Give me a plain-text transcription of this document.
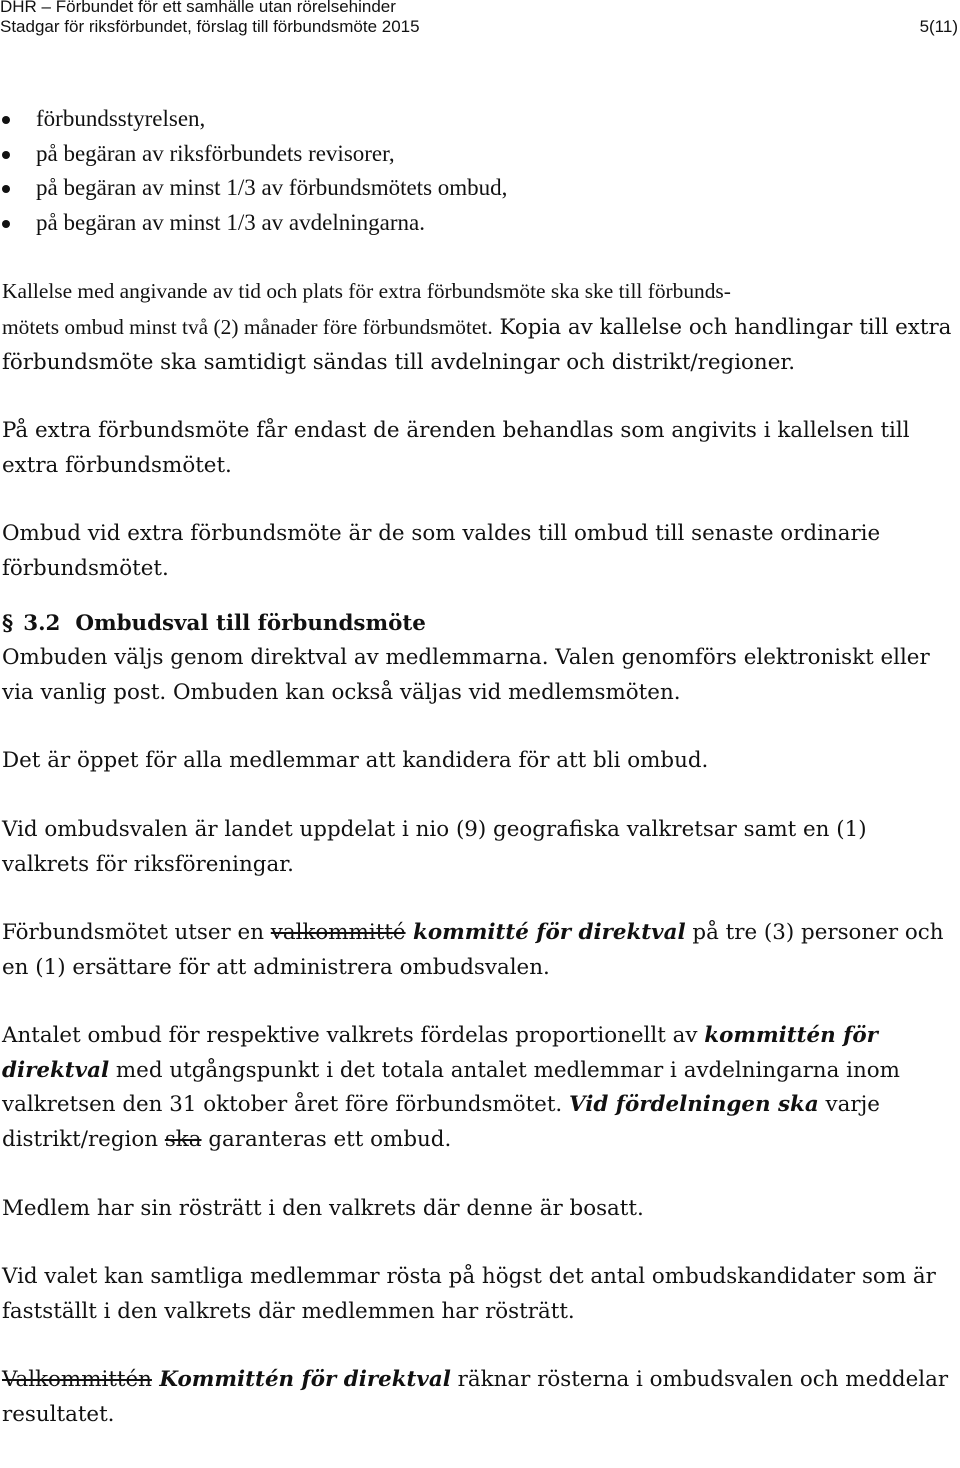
DHR – Förbundet för ett samhälle utan rörelsehinder
Stadgar för riksförbundet, förslag till förbundsmöte 2015	5(11)
förbundsstyrelsen,
på begäran av riksförbundets revisorer,
på begäran av minst 1/3 av förbundsmötets ombud,
på begäran av minst 1/3 av avdelningarna.

Kallelse med angivande av tid och plats för extra förbundsmöte ska ske till förbunds-
mötets ombud minst två (2) månader före förbundsmötet. Kopia av kallelse och handlingar till extra förbundsmöte ska samtidigt sändas till avdelningar och distrikt/regioner.

På extra förbundsmöte får endast de ärenden behandlas som angivits i kallelsen till extra förbundsmötet.

Ombud vid extra förbundsmöte är de som valdes till ombud till senaste ordinarie förbundsmötet.

§ 3.2 Ombudsval till förbundsmöte

Ombuden väljs genom direktval av medlemmarna. Valen genomförs elektroniskt eller via vanlig post. Ombuden kan också väljas vid medlemsmöten.

Det är öppet för alla medlemmar att kandidera för att bli ombud.

Vid ombudsvalen är landet uppdelat i nio (9) geografiska valkretsar samt en (1) valkrets för riksföreningar.

Förbundsmötet utser en valkommitté kommitté för direktval på tre (3) personer och en (1) ersättare för att administrera ombudsvalen.

Antalet ombud för respektive valkrets fördelas proportionellt av kommittén för direktval med utgångspunkt i det totala antalet medlemmar i avdelningarna inom valkretsen den 31 oktober året före förbundsmötet. Vid fördelningen ska varje distrikt/region ska garanteras ett ombud.

Medlem har sin rösträtt i den valkrets där denne är bosatt.

Vid valet kan samtliga medlemmar rösta på högst det antal ombudskandidater som är fastställt i den valkrets där medlemmen har rösträtt.

Valkommittén Kommittén för direktval räknar rösterna i ombudsvalen och meddelar resultatet.
